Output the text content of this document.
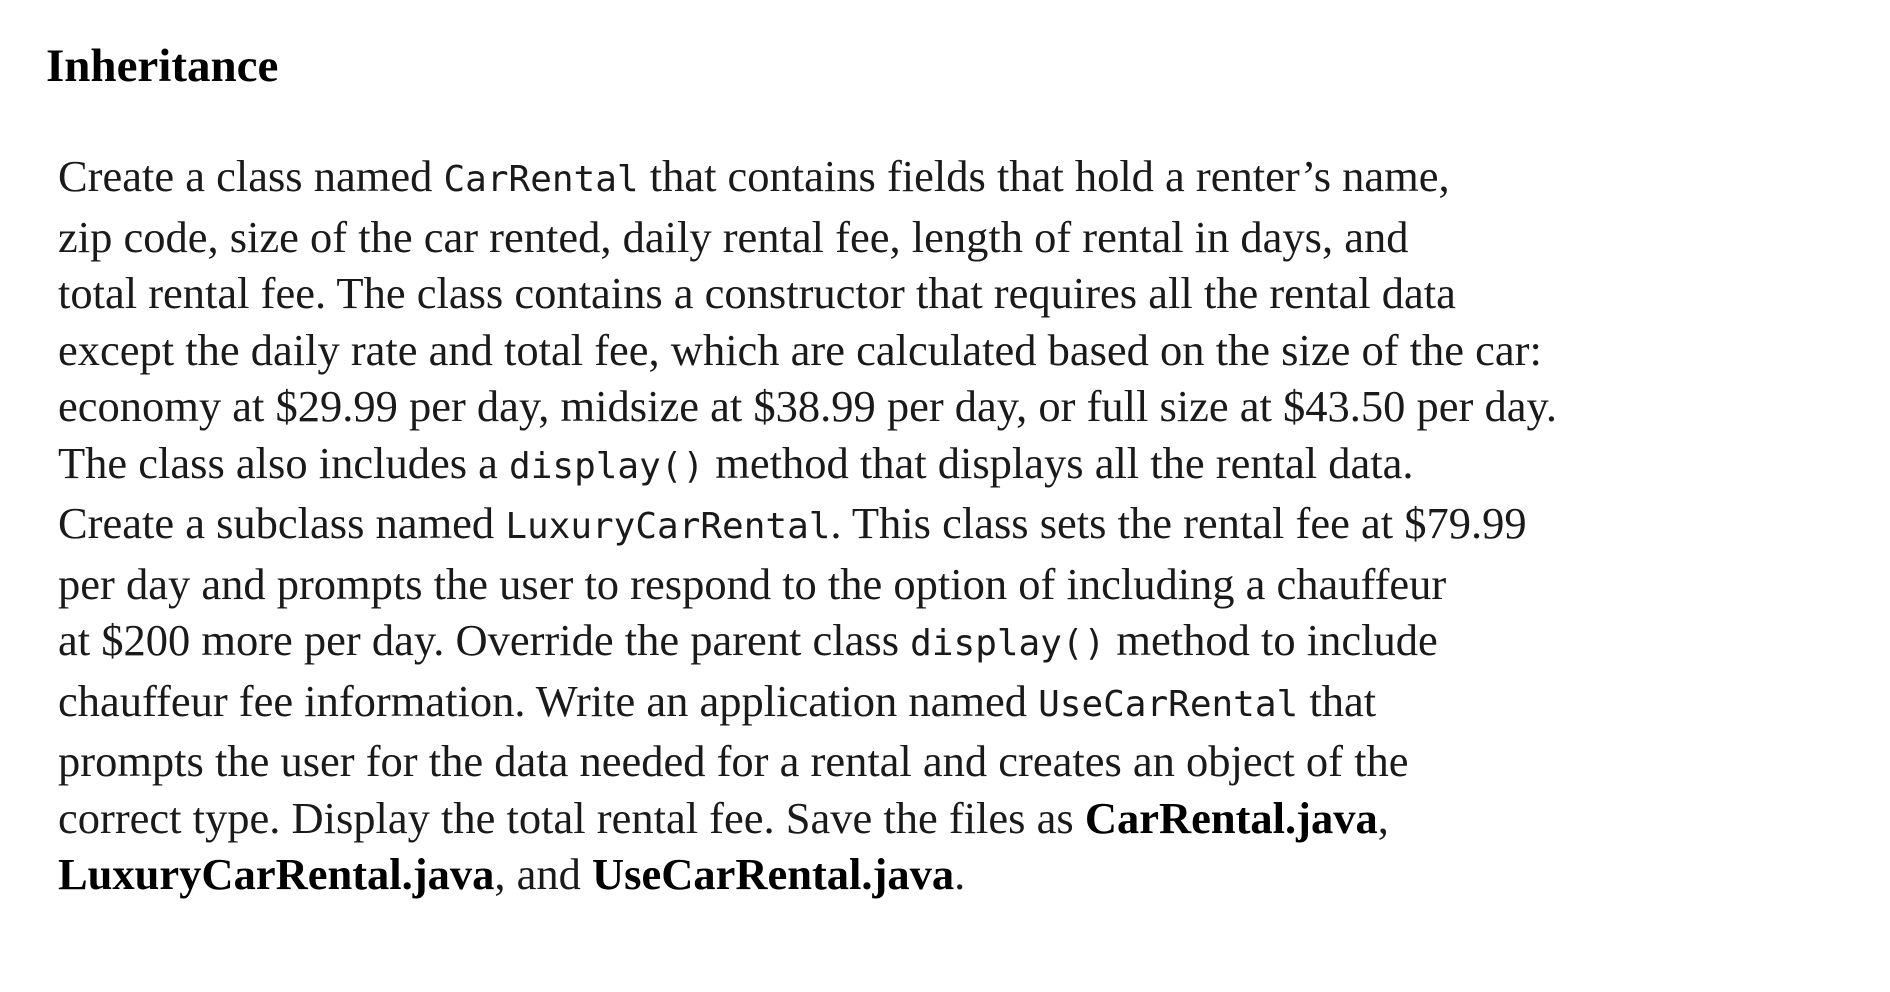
Inheritance
Create a class named CarRental that contains fields that hold a renter’s name,
zip code, size of the car rented, daily rental fee, length of rental in days, and
total rental fee. The class contains a constructor that requires all the rental data
except the daily rate and total fee, which are calculated based on the size of the car:
economy at $29.99 per day, midsize at $38.99 per day, or full size at $43.50 per day.
The class also includes a display() method that displays all the rental data.
Create a subclass named LuxuryCarRental. This class sets the rental fee at $79.99
per day and prompts the user to respond to the option of including a chauffeur
at $200 more per day. Override the parent class display() method to include
chauffeur fee information. Write an application named UseCarRental that
prompts the user for the data needed for a rental and creates an object of the
correct type. Display the total rental fee. Save the files as CarRental.java,
LuxuryCarRental.java, and UseCarRental.java.
